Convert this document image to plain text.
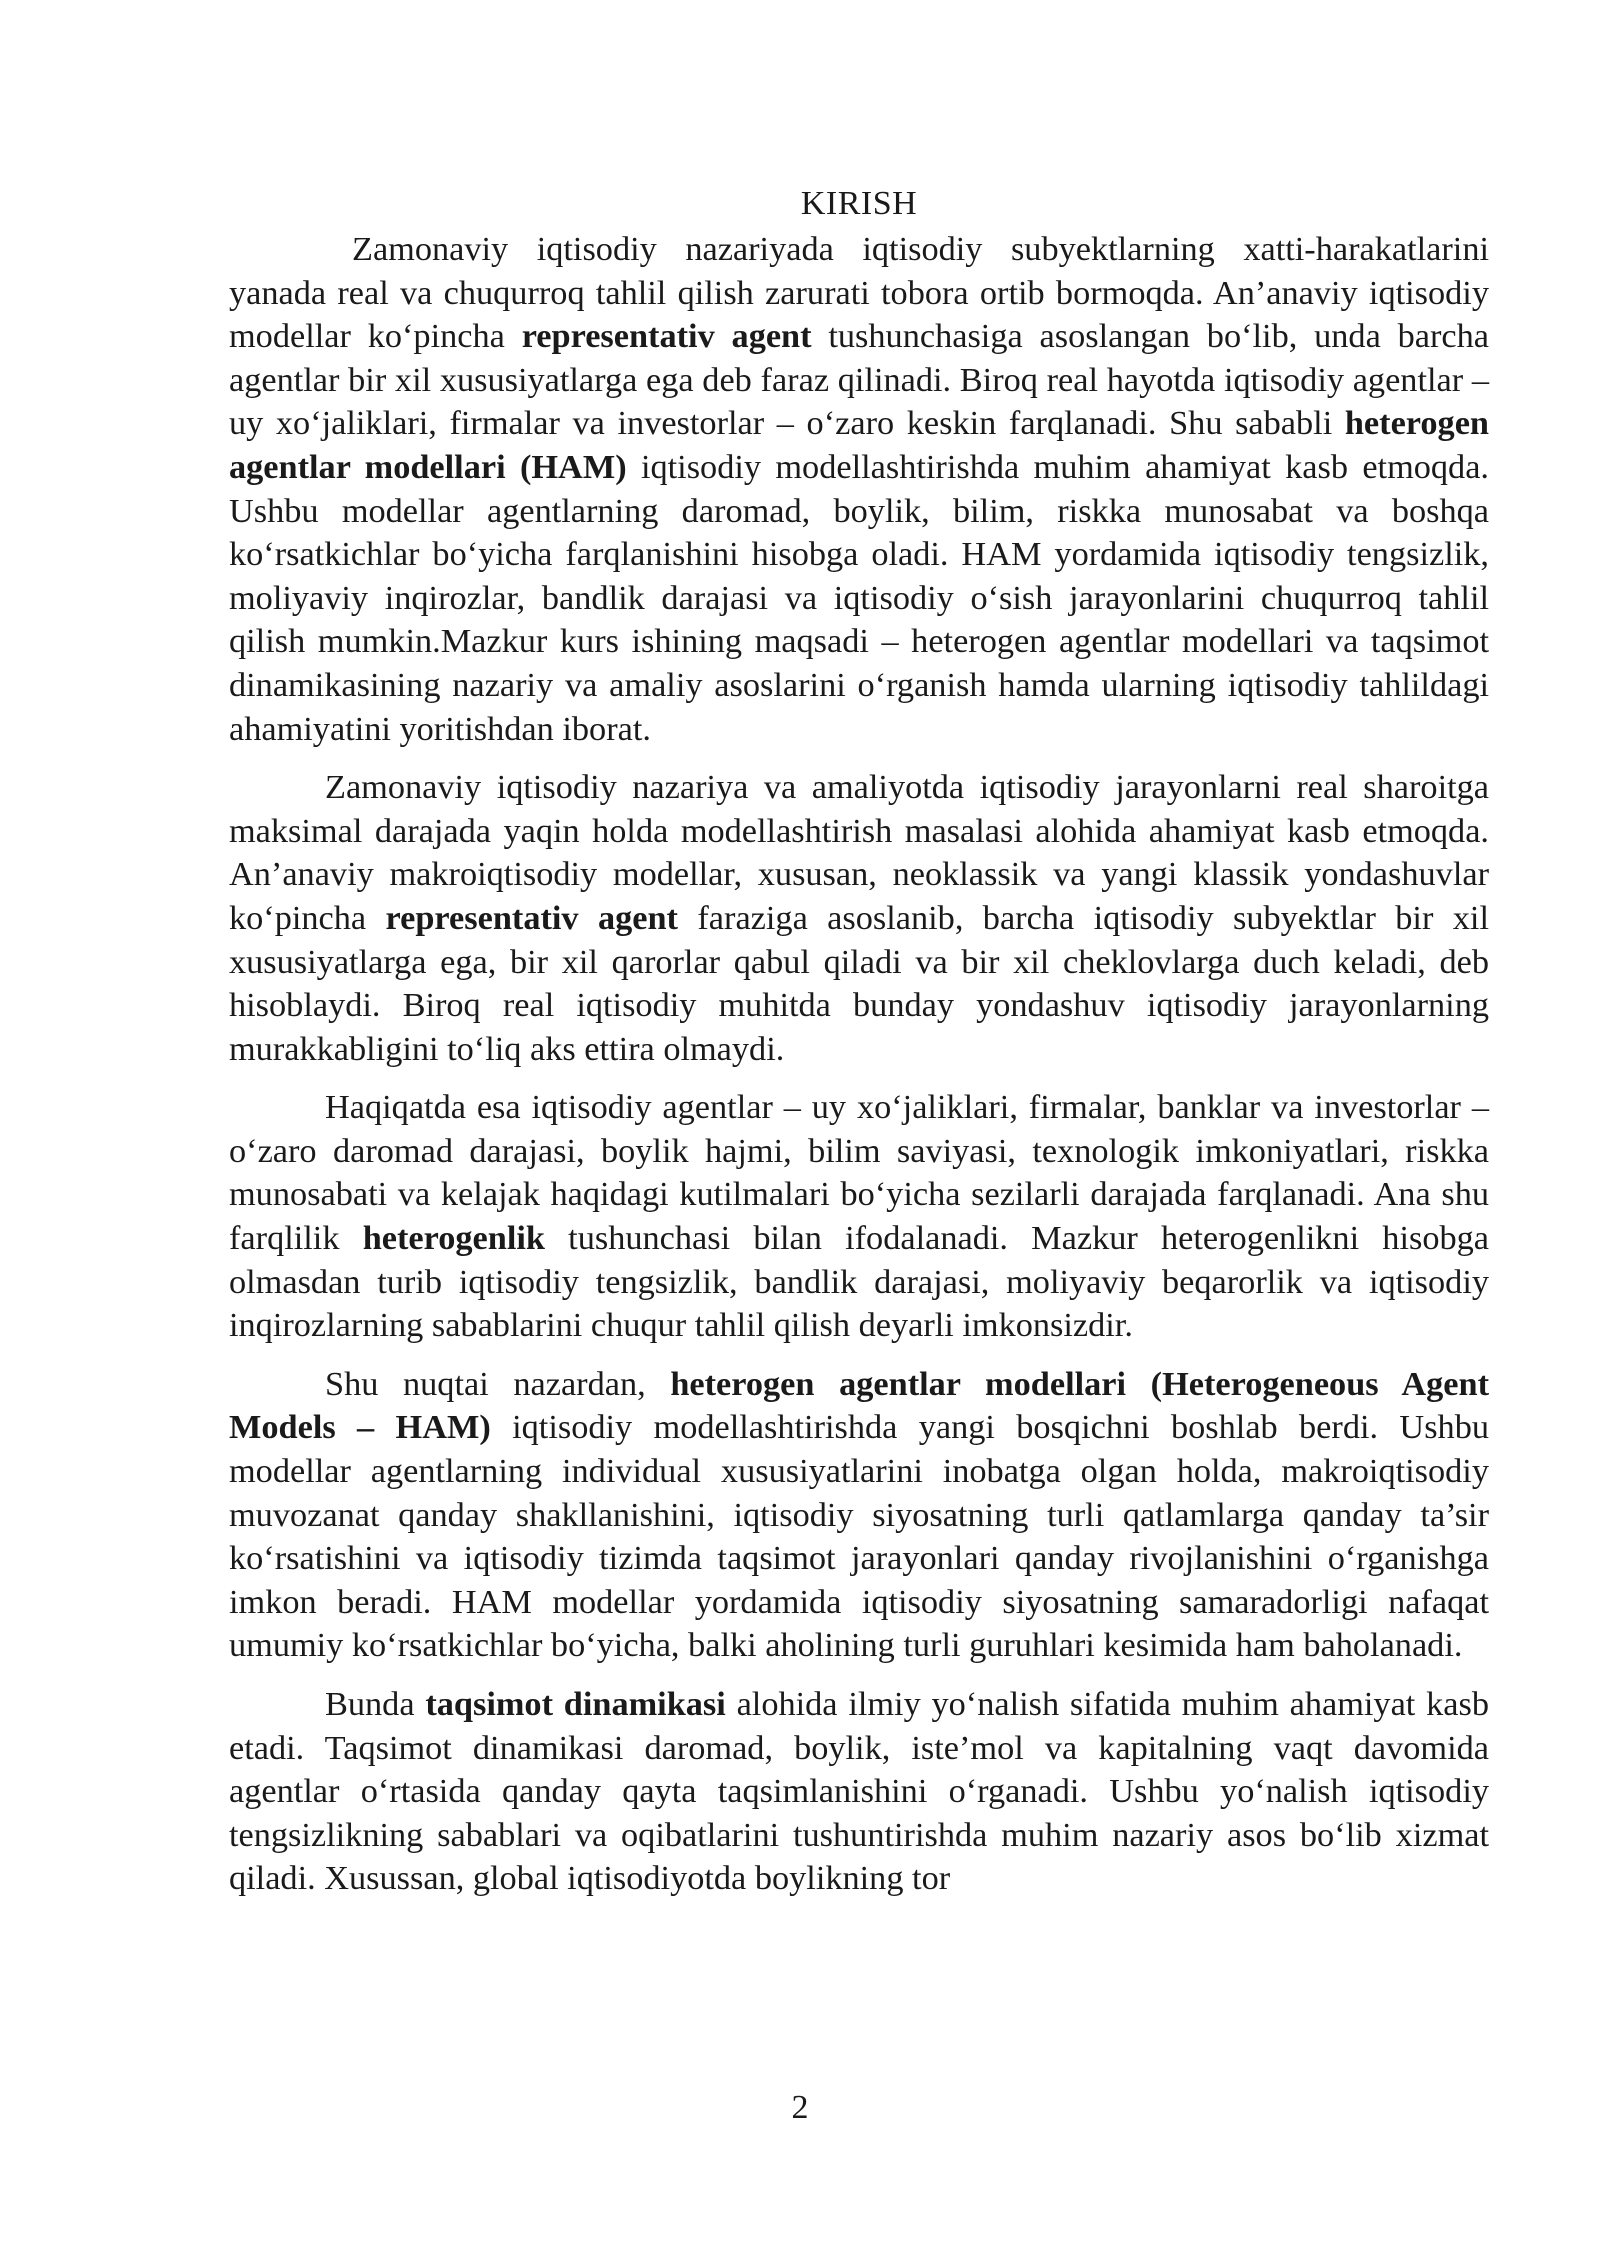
KIRISH

Zamonaviy iqtisodiy nazariyada iqtisodiy subyektlarning xatti-harakatlarini yanada real va chuqurroq tahlil qilish zarurati tobora ortib bormoqda. An’anaviy iqtisodiy modellar ko‘pincha representativ agent tushunchasiga asoslangan bo‘lib, unda barcha agentlar bir xil xususiyatlarga ega deb faraz qilinadi. Biroq real hayotda iqtisodiy agentlar – uy xo‘jaliklari, firmalar va investorlar – o‘zaro keskin farqlanadi. Shu sababli heterogen agentlar modellari (HAM) iqtisodiy modellashtirishda muhim ahamiyat kasb etmoqda. Ushbu modellar agentlarning daromad, boylik, bilim, riskka munosabat va boshqa ko‘rsatkichlar bo‘yicha farqlanishini hisobga oladi. HAM yordamida iqtisodiy tengsizlik, moliyaviy inqirozlar, bandlik darajasi va iqtisodiy o‘sish jarayonlarini chuqurroq tahlil qilish mumkin.Mazkur kurs ishining maqsadi – heterogen agentlar modellari va taqsimot dinamikasining nazariy va amaliy asoslarini o‘rganish hamda ularning iqtisodiy tahlildagi ahamiyatini yoritishdan iborat.

Zamonaviy iqtisodiy nazariya va amaliyotda iqtisodiy jarayonlarni real sharoitga maksimal darajada yaqin holda modellashtirish masalasi alohida ahamiyat kasb etmoqda. An’anaviy makroiqtisodiy modellar, xususan, neoklassik va yangi klassik yondashuvlar ko‘pincha representativ agent faraziga asoslanib, barcha iqtisodiy subyektlar bir xil xususiyatlarga ega, bir xil qarorlar qabul qiladi va bir xil cheklovlarga duch keladi, deb hisoblaydi. Biroq real iqtisodiy muhitda bunday yondashuv iqtisodiy jarayonlarning murakkabligini to‘liq aks ettira olmaydi.

Haqiqatda esa iqtisodiy agentlar – uy xo‘jaliklari, firmalar, banklar va investorlar – o‘zaro daromad darajasi, boylik hajmi, bilim saviyasi, texnologik imkoniyatlari, riskka munosabati va kelajak haqidagi kutilmalari bo‘yicha sezilarli darajada farqlanadi. Ana shu farqlilik heterogenlik tushunchasi bilan ifodalanadi. Mazkur heterogenlikni hisobga olmasdan turib iqtisodiy tengsizlik, bandlik darajasi, moliyaviy beqarorlik va iqtisodiy inqirozlarning sabablarini chuqur tahlil qilish deyarli imkonsizdir.

Shu nuqtai nazardan, heterogen agentlar modellari (Heterogeneous Agent Models – HAM) iqtisodiy modellashtirishda yangi bosqichni boshlab berdi. Ushbu modellar agentlarning individual xususiyatlarini inobatga olgan holda, makroiqtisodiy muvozanat qanday shakllanishini, iqtisodiy siyosatning turli qatlamlarga qanday ta’sir ko‘rsatishini va iqtisodiy tizimda taqsimot jarayonlari qanday rivojlanishini o‘rganishga imkon beradi. HAM modellar yordamida iqtisodiy siyosatning samaradorligi nafaqat umumiy ko‘rsatkichlar bo‘yicha, balki aholining turli guruhlari kesimida ham baholanadi.

Bunda taqsimot dinamikasi alohida ilmiy yo‘nalish sifatida muhim ahamiyat kasb etadi. Taqsimot dinamikasi daromad, boylik, iste’mol va kapitalning vaqt davomida agentlar o‘rtasida qanday qayta taqsimlanishini o‘rganadi. Ushbu yo‘nalish iqtisodiy tengsizlikning sabablari va oqibatlarini tushuntirishda muhim nazariy asos bo‘lib xizmat qiladi. Xusussan, global iqtisodiyotda boylikning tor

2
